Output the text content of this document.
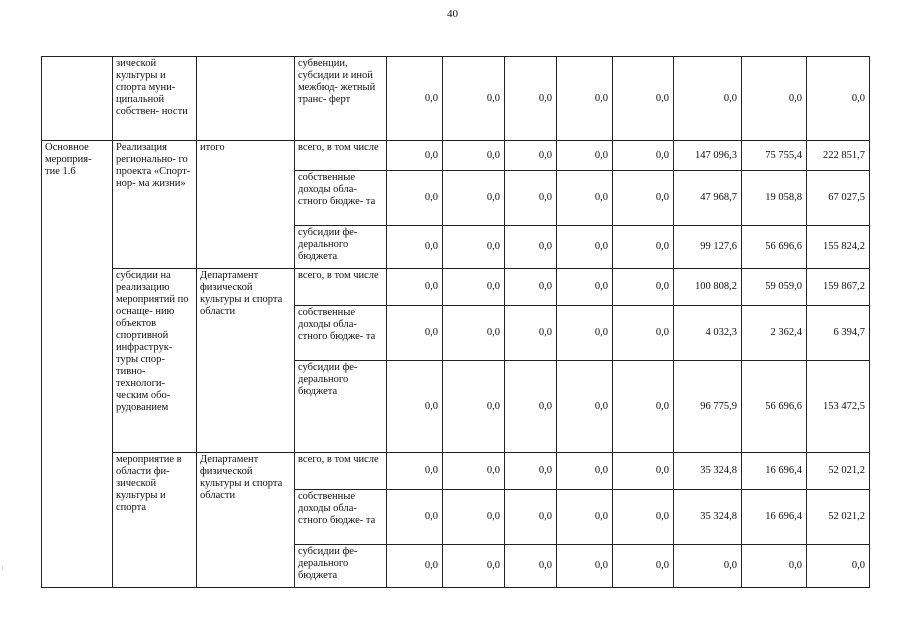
40
	зической культуры и спорта муни- ципальной собствен- ности		субвенции, субсидии и иной межбюд- жетный транс- ферт	0,0	0,0	0,0	0,0	0,0	0,0	0,0	0,0
Основное мероприя- тие 1.6	Реализация регионально- го проекта «Спорт- нор- ма жизни»	итого	всего, в том числе	0,0	0,0	0,0	0,0	0,0	147 096,3	75 755,4	222 851,7
			собственные доходы обла- стного бюдже- та	0,0	0,0	0,0	0,0	0,0	47 968,7	19 058,8	67 027,5
			субсидии фе- дерального бюджета	0,0	0,0	0,0	0,0	0,0	99 127,6	56 696,6	155 824,2
	субсидии на реализацию мероприятий по оснаще- нию объектов спортивной инфраструк- туры спор- тивно- технологи- ческим обо- рудованием	Департамент физической культуры и спорта области	всего, в том числе	0,0	0,0	0,0	0,0	0,0	100 808,2	59 059,0	159 867,2
			собственные доходы обла- стного бюдже- та	0,0	0,0	0,0	0,0	0,0	4 032,3	2 362,4	6 394,7
			субсидии фе- дерального бюджета	0,0	0,0	0,0	0,0	0,0	96 775,9	56 696,6	153 472,5
	мероприятие в области фи- зической культуры и спорта	Департамент физической культуры и спорта области	всего, в том числе	0,0	0,0	0,0	0,0	0,0	35 324,8	16 696,4	52 021,2
			собственные доходы обла- стного бюдже- та	0,0	0,0	0,0	0,0	0,0	35 324,8	16 696,4	52 021,2
			субсидии фе- дерального бюджета	0,0	0,0	0,0	0,0	0,0	0,0	0,0	0,0
..
